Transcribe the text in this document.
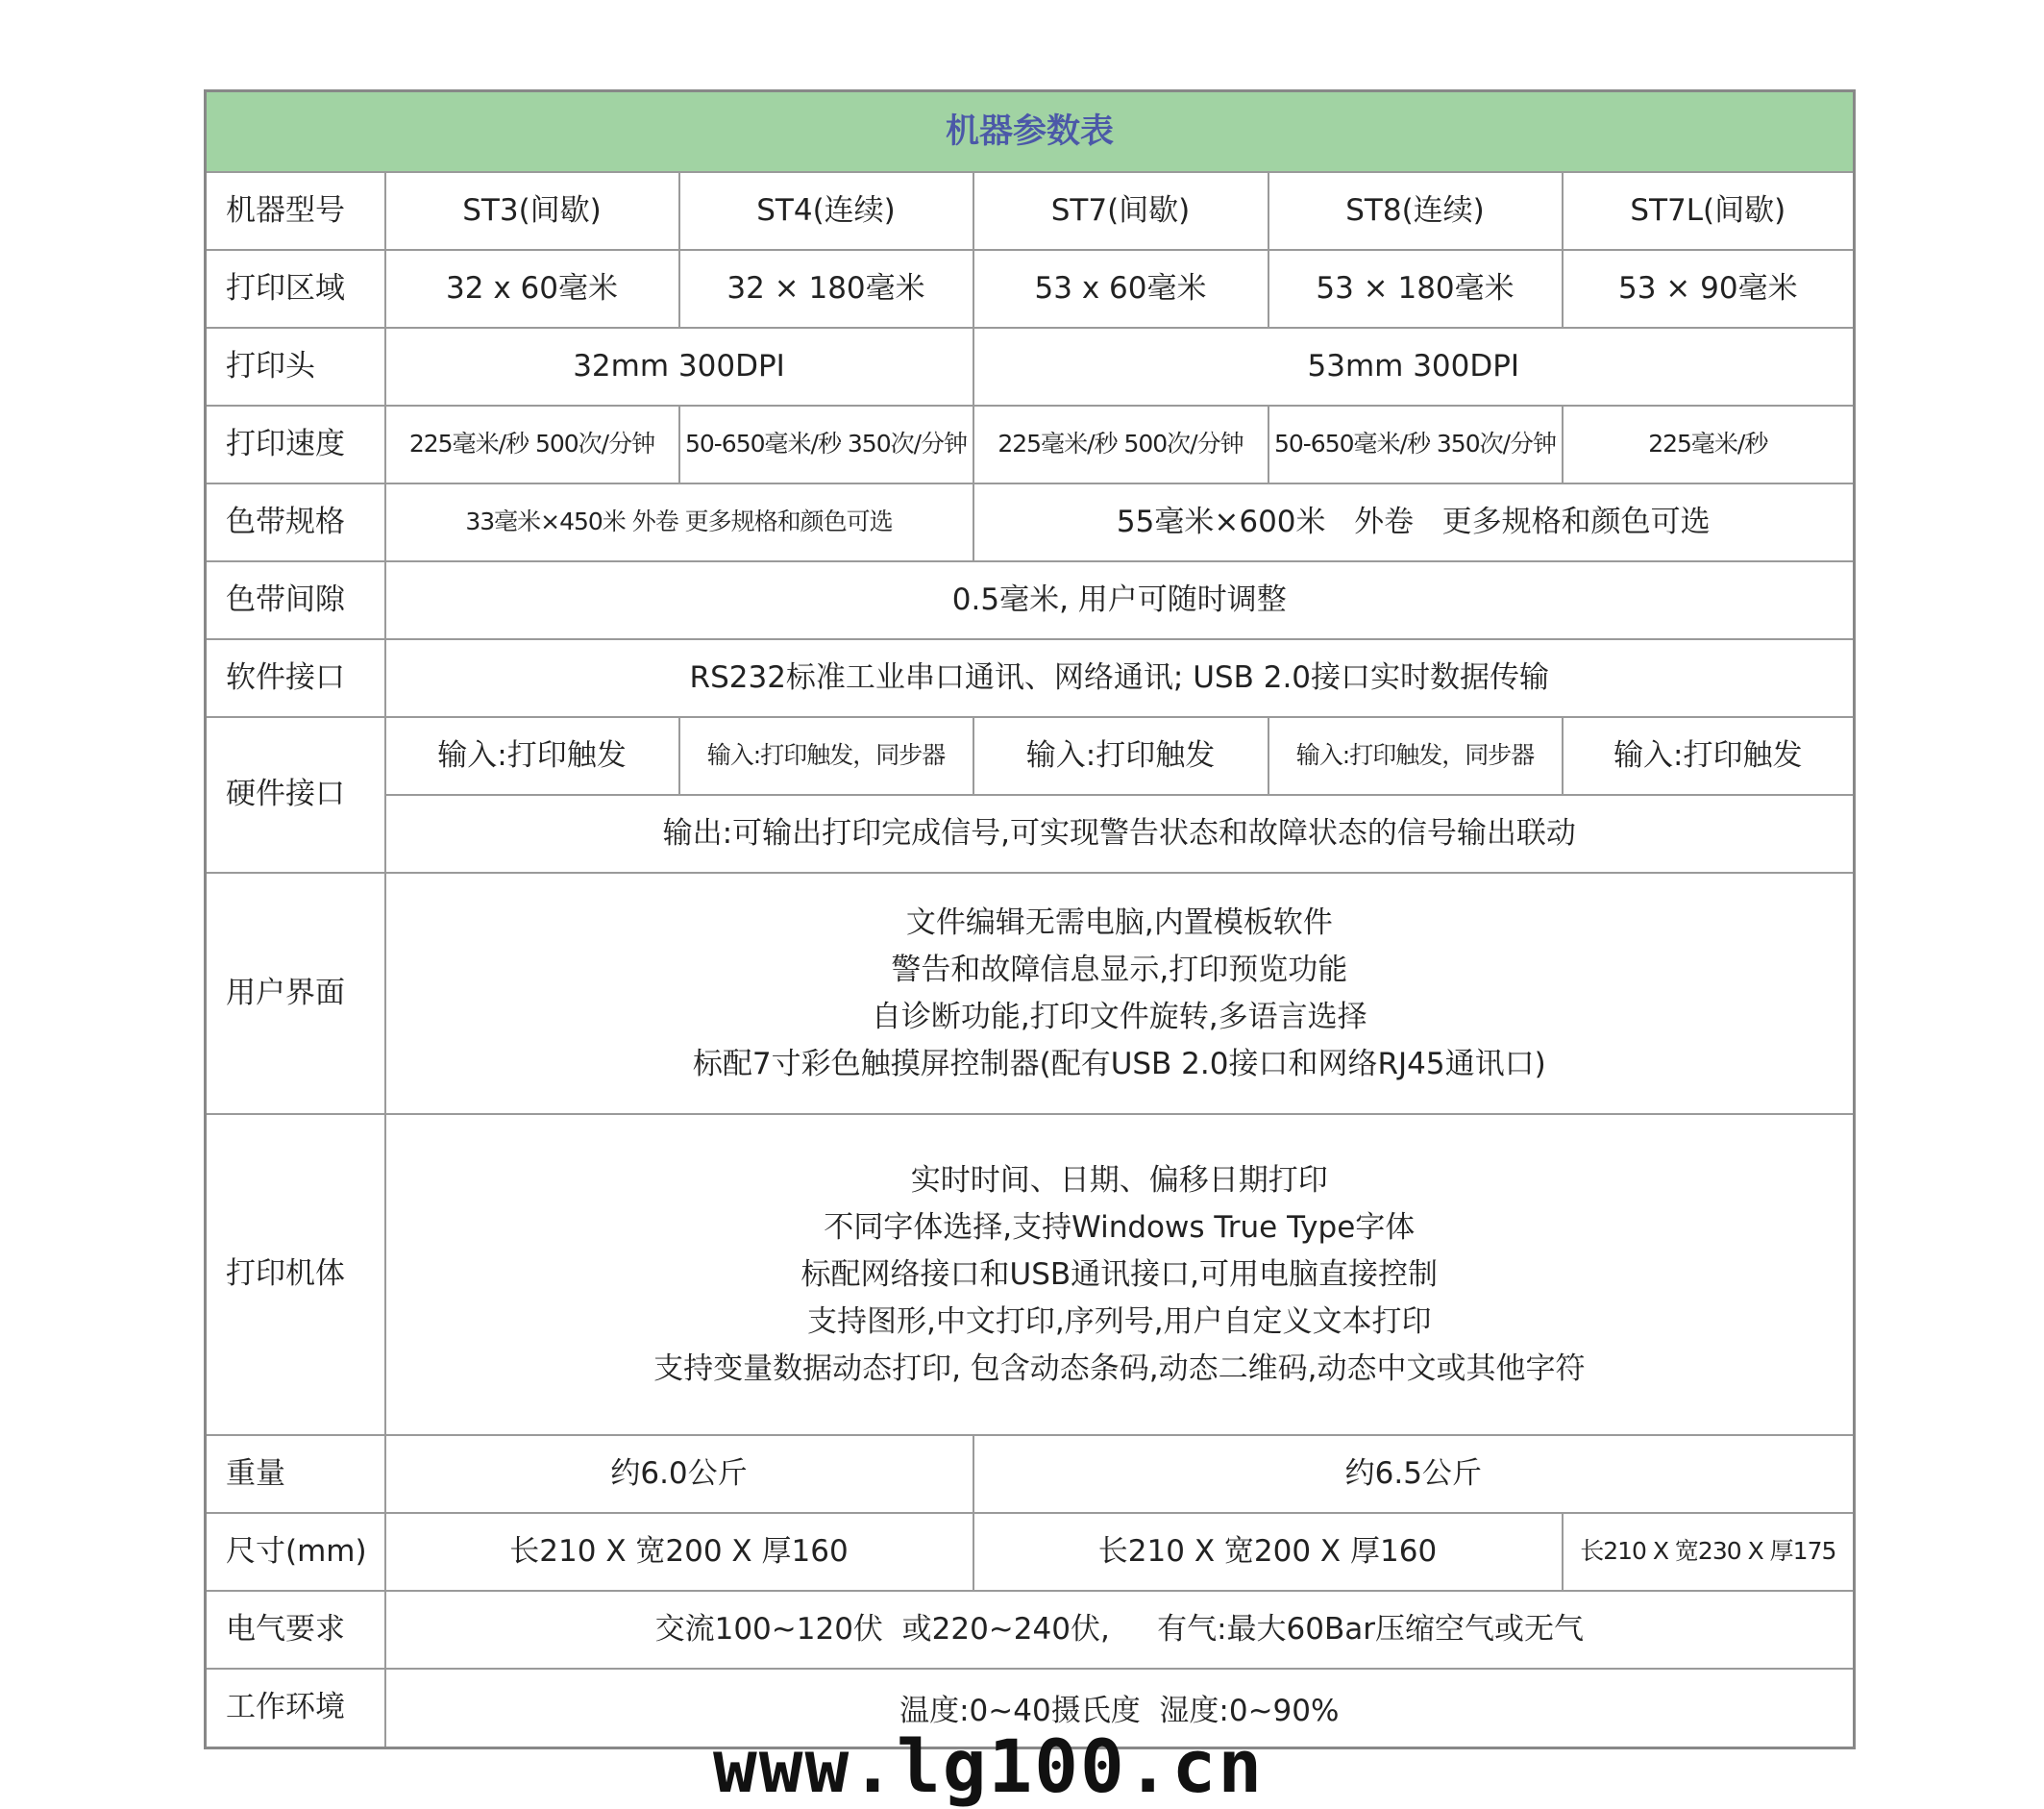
机器参数表					
机器型号	ST3(间歇)	ST4(连续)	ST7(间歇)	ST8(连续)	ST7L(间歇)
打印区域	32 x 60毫米	32 × 180毫米	53 x 60毫米	53 × 180毫米	53 × 90毫米
打印头	32mm 300DPI		53mm 300DPI		
打印速度	225毫米/秒 500次/分钟	50-650毫米/秒 350次/分钟	225毫米/秒 500次/分钟	50-650毫米/秒 350次/分钟	225毫米/秒
色带规格	33毫米×450米 外卷 更多规格和颜色可选		55毫米×600米   外卷   更多规格和颜色可选		
色带间隙	0.5毫米, 用户可随时调整				
软件接口	RS232标准工业串口通讯、网络通讯; USB 2.0接口实时数据传输				
硬件接口	输入:打印触发	输入:打印触发，同步器	输入:打印触发	输入:打印触发，同步器	输入:打印触发
	输出:可输出打印完成信号,可实现警告状态和故障状态的信号输出联动				
用户界面	文件编辑无需电脑,内置模板软件
警告和故障信息显示,打印预览功能
自诊断功能,打印文件旋转,多语言选择
标配7寸彩色触摸屏控制器(配有USB 2.0接口和网络RJ45通讯口)				

打印机体	实时时间、日期、偏移日期打印
不同字体选择,支持Windows True Type字体
标配网络接口和USB通讯接口,可用电脑直接控制
支持图形,中文打印,序列号,用户自定义文本打印
支持变量数据动态打印, 包含动态条码,动态二维码,动态中文或其他字符				

重量	约6.0公斤		约6.5公斤		
尺寸(mm)	长210 X 宽200 X 厚160		长210 X 宽200 X 厚160		长210 X 宽230 X 厚175
电气要求	交流100~120伏  或220~240伏,     有气:最大60Bar压缩空气或无气				
工作环境	温度:0~40摄氏度  湿度:0~90%				
www.lg100.cn
